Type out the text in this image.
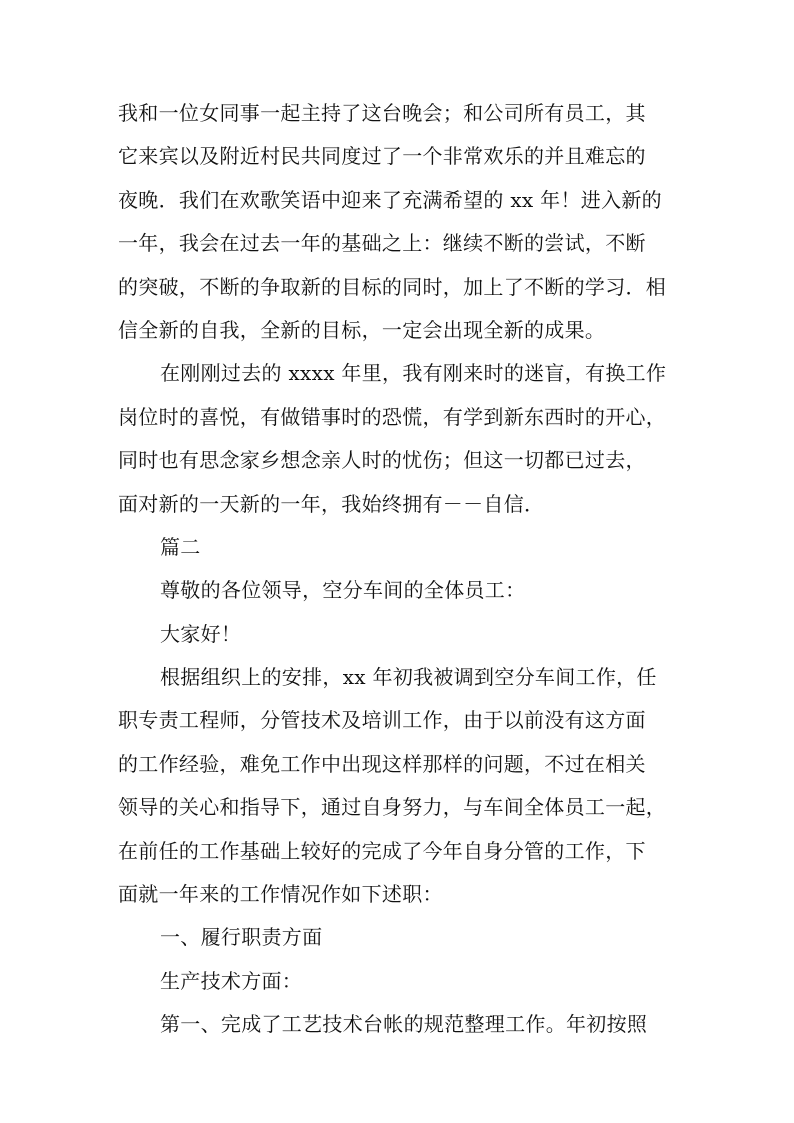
我和一位女同事一起主持了这台晚会；和公司所有员工，其
它来宾以及附近村民共同度过了一个非常欢乐的并且难忘的
夜晚．我们在欢歌笑语中迎来了充满希望的 xx 年！进入新的
一年，我会在过去一年的基础之上：继续不断的尝试，不断
的突破，不断的争取新的目标的同时，加上了不断的学习．相
信全新的自我，全新的目标，一定会出现全新的成果。
在刚刚过去的 xxxx 年里，我有刚来时的迷盲，有换工作
岗位时的喜悦，有做错事时的恐慌，有学到新东西时的开心，
同时也有思念家乡想念亲人时的忧伤；但这一切都已过去，
面对新的一天新的一年，我始终拥有－－自信．
篇二
尊敬的各位领导，空分车间的全体员工：
大家好！
根据组织上的安排，xx 年初我被调到空分车间工作，任
职专责工程师，分管技术及培训工作，由于以前没有这方面
的工作经验，难免工作中出现这样那样的问题，不过在相关
领导的关心和指导下，通过自身努力，与车间全体员工一起，
在前任的工作基础上较好的完成了今年自身分管的工作，下
面就一年来的工作情况作如下述职：
一、履行职责方面
生产技术方面：
第一、完成了工艺技术台帐的规范整理工作。年初按照
